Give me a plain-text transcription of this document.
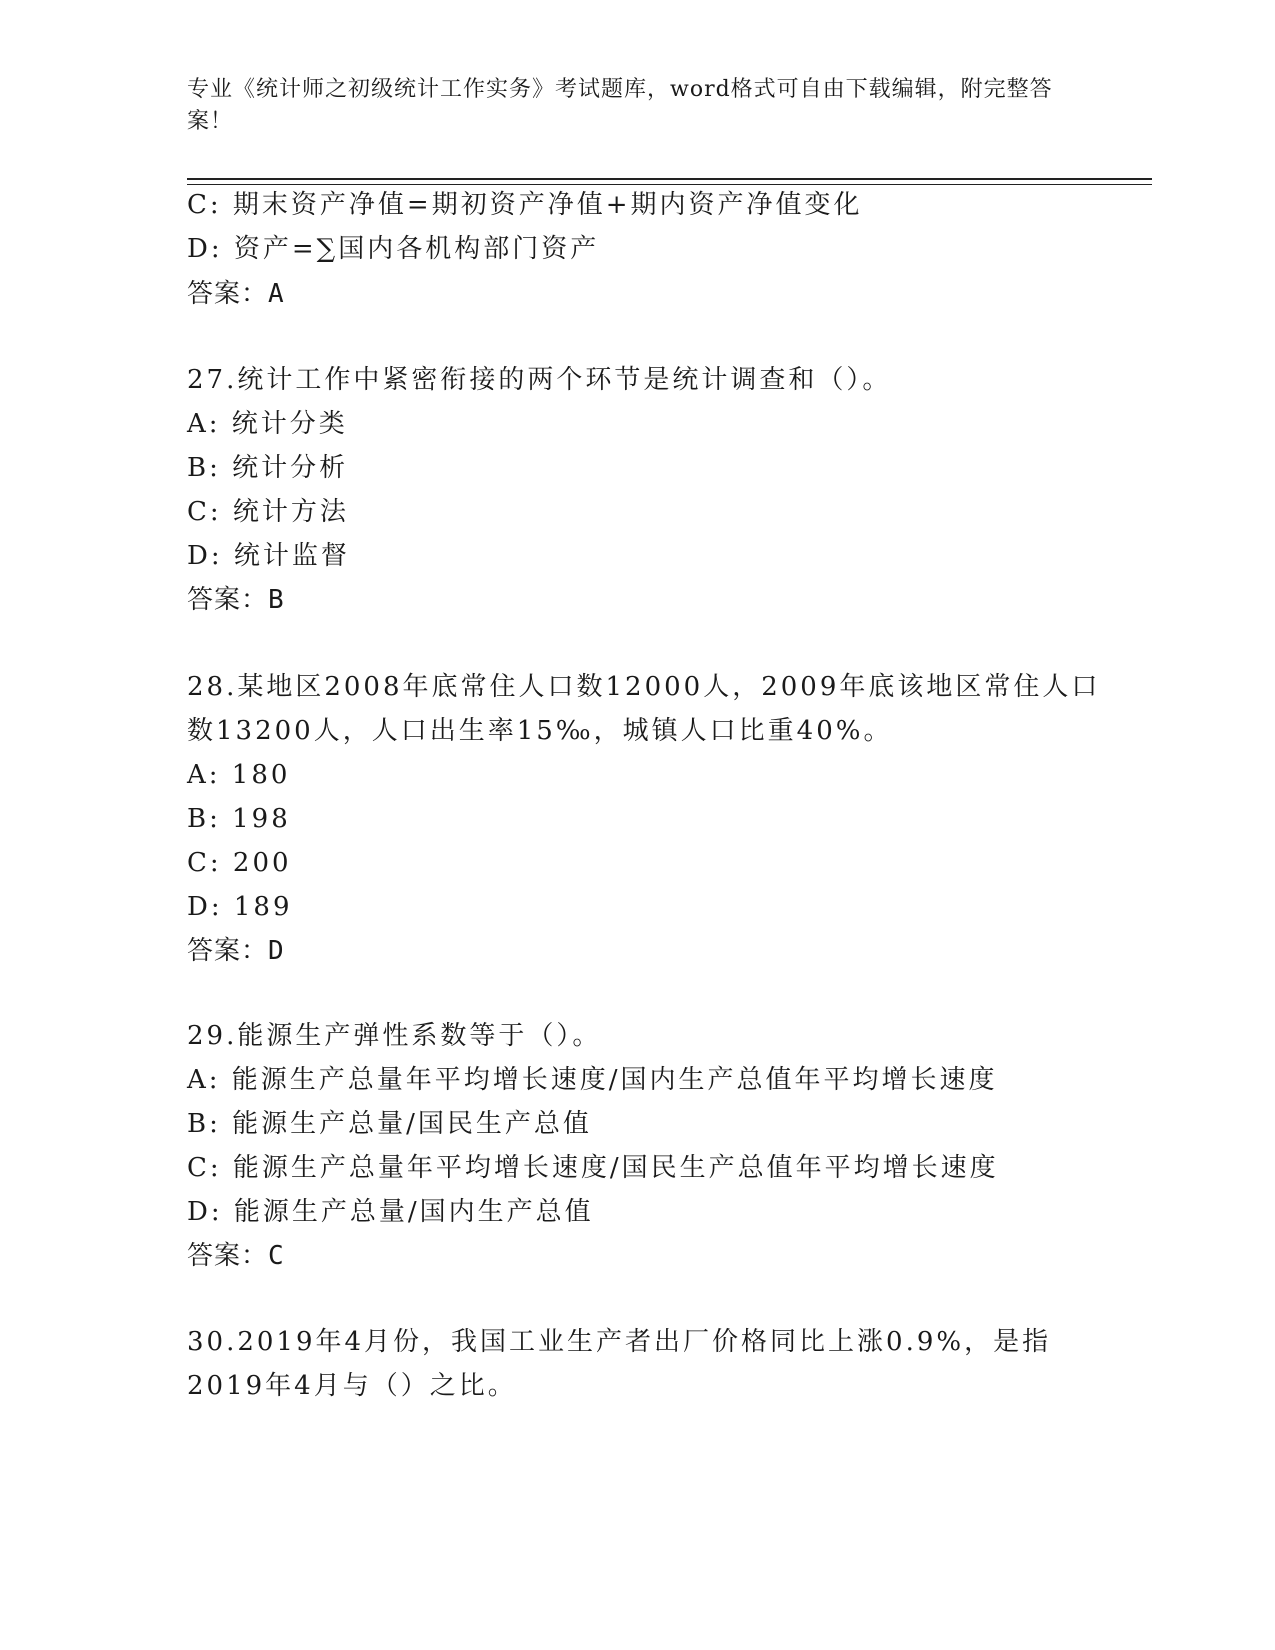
专业《统计师之初级统计工作实务》考试题库，word格式可自由下载编辑，附完整答案！
C: 期末资产净值=期初资产净值+期内资产净值变化
D: 资产=∑国内各机构部门资产
答案：A
27.统计工作中紧密衔接的两个环节是统计调查和（）。
A: 统计分类
B: 统计分析
C: 统计方法
D: 统计监督
答案：B
28.某地区2008年底常住人口数12000人，2009年底该地区常住人口
数13200人，人口出生率15‰，城镇人口比重40%。
A: 180
B: 198
C: 200
D: 189
答案：D
29.能源生产弹性系数等于（）。
A: 能源生产总量年平均增长速度/国内生产总值年平均增长速度
B: 能源生产总量/国民生产总值
C: 能源生产总量年平均增长速度/国民生产总值年平均增长速度
D: 能源生产总量/国内生产总值
答案：C
30.2019年4月份，我国工业生产者出厂价格同比上涨0.9%，是指
2019年4月与（）之比。
